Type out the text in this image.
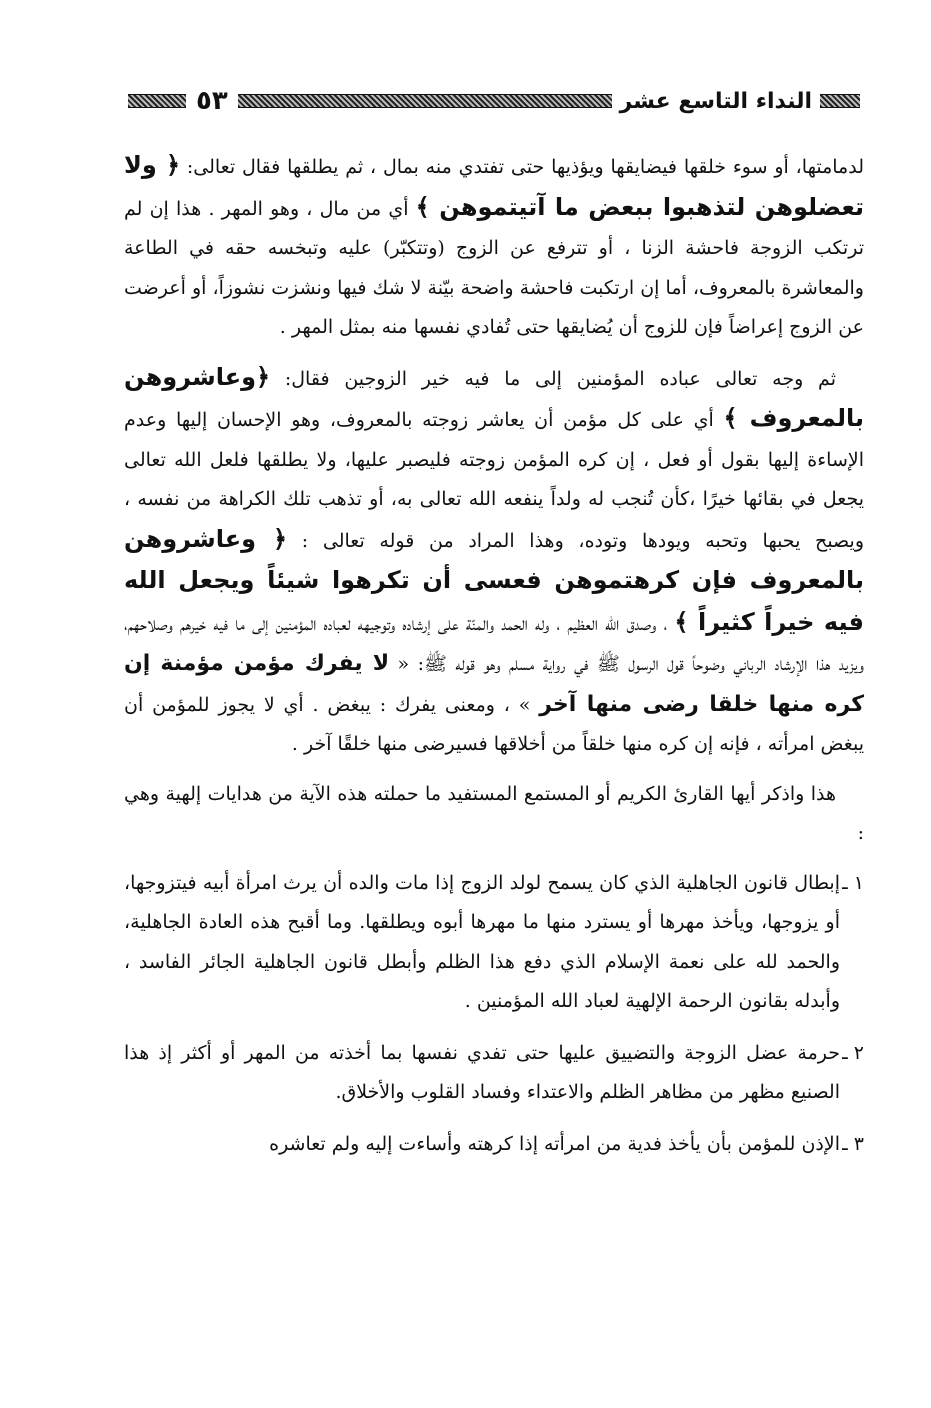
النداء التاسع عشر
٥٣

لدمامتها، أو سوء خلقها فيضايقها ويؤذيها حتى تفتدي منه بمال ، ثم يطلقها فقال تعالى: ﴿ ولا تعضلوهن لتذهبوا ببعض ما آتيتموهن ﴾ أي من مال ، وهو المهر . هذا إن لم ترتكب الزوجة فاحشة الزنا ، أو تترفع عن الزوج (وتتكبّر) عليه وتبخسه حقه في الطاعة والمعاشرة بالمعروف، أما إن ارتكبت فاحشة واضحة بيّنة لا شك فيها ونشزت نشوزاً، أو أعرضت عن الزوج إعراضاً فإن للزوج أن يُضايقها حتى تُفادي نفسها منه بمثل المهر .

ثم وجه تعالى عباده المؤمنين إلى ما فيه خير الزوجين فقال: ﴿وعاشروهن بالمعروف ﴾ أي على كل مؤمن أن يعاشر زوجته بالمعروف، وهو الإحسان إليها وعدم الإساءة إليها بقول أو فعل ، إن كره المؤمن زوجته فليصبر عليها، ولا يطلقها فلعل الله تعالى يجعل في بقائها خيرًا ،كأن تُنجب له ولداً ينفعه الله تعالى به، أو تذهب تلك الكراهة من نفسه ، ويصبح يحبها وتحبه ويودها وتوده، وهذا المراد من قوله تعالى : ﴿ وعاشروهن بالمعروف فإن كرهتموهن فعسى أن تكرهوا شيئاً ويجعل الله فيه خيراً كثيراً ﴾ ، وصدق الله العظيم ، وله الحمد والمنّة على إرشاده وتوجيهه لعباده المؤمنين إلى ما فيه خيرهم وصلاحهم، ويزيد هذا الإرشاد الرباني وضوحاً قول الرسول ﷺ في رواية مسلم وهو قوله ﷺ: « لا يفرك مؤمن مؤمنة إن كره منها خلقا رضى منها آخر » ، ومعنى يفرك : يبغض . أي لا يجوز للمؤمن أن يبغض امرأته ، فإنه إن كره منها خلقاً من أخلاقها فسيرضى منها خلقًا آخر .

هذا واذكر أيها القارئ الكريم أو المستمع المستفيد ما حملته هذه الآية من هدايات إلهية وهي :

١ ـإبطال قانون الجاهلية الذي كان يسمح لولد الزوج إذا مات والده أن يرث امرأة أبيه فيتزوجها، أو يزوجها، ويأخذ مهرها أو يسترد منها ما مهرها أبوه ويطلقها. وما أقبح هذه العادة الجاهلية، والحمد لله على نعمة الإسلام الذي دفع هذا الظلم وأبطل قانون الجاهلية الجائر الفاسد ، وأبدله بقانون الرحمة الإلهية لعباد الله المؤمنين .
٢ ـحرمة عضل الزوجة والتضييق عليها حتى تفدي نفسها بما أخذته من المهر أو أكثر إذ هذا الصنيع مظهر من مظاهر الظلم والاعتداء وفساد القلوب والأخلاق.
٣ ـالإذن للمؤمن بأن يأخذ فدية من امرأته إذا كرهته وأساءت إليه ولم تعاشره
